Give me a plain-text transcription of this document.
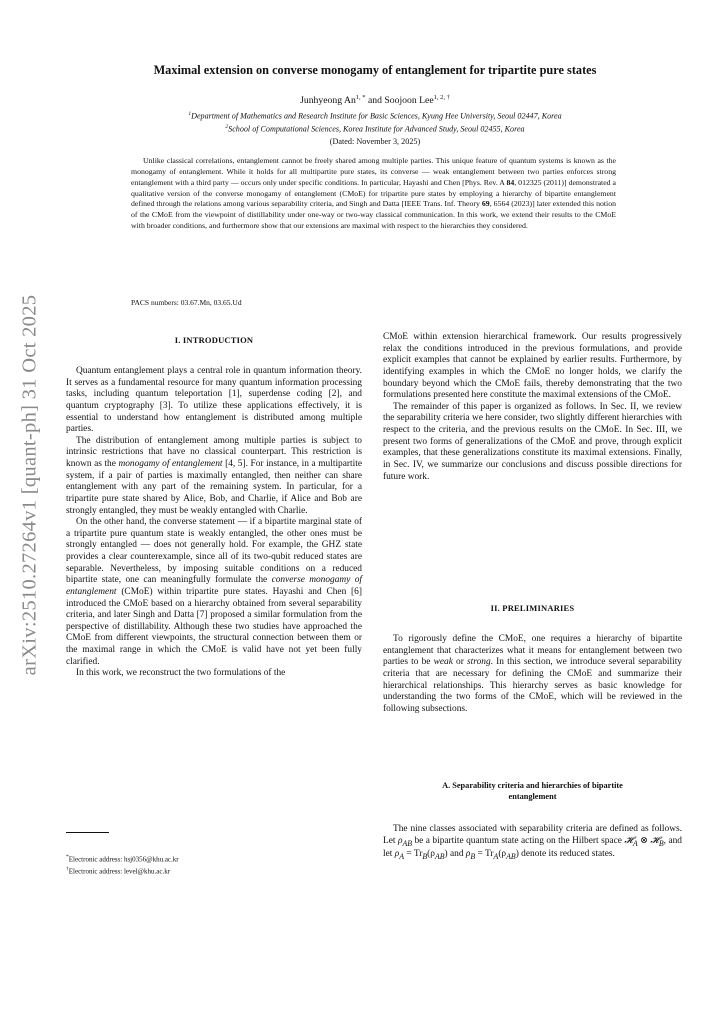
arXiv:2510.27264v1 [quant-ph] 31 Oct 2025
Maximal extension on converse monogamy of entanglement for tripartite pure states
Junhyeong $An^{1, *}$ and Soojoon Lee$^{1, 2, \dagger}$
$^1$Department of Mathematics and Research Institute for Basic Sciences, Kyung Hee University, Seoul 02447, Korea
$^2$School of Computational Sciences, Korea Institute for Advanced Study, Seoul 02455, Korea
(Dated: November 3, 2025)

Unlike classical correlations, entanglement cannot be freely shared among multiple parties. This unique feature of quantum systems is known as the monogamy of entanglement. While it holds for all multipartite pure states, its converse — weak entanglement between two parties enforces strong entanglement with a third party — occurs only under specific conditions. In particular, Hayashi and Chen [Phys. Rev. A 84, 012325 (2011)] demonstrated a qualitative version of the converse monogamy of entanglement (CMoE) for tripartite pure states by employing a hierarchy of bipartite entanglement defined through the relations among various separability criteria, and Singh and Datta [IEEE Trans. Inf. Theory 69, 6564 (2023)] later extended this notion of the CMoE from the viewpoint of distillability under one-way or two-way classical communication. In this work, we extend their results to the CMoE with broader conditions, and furthermore show that our extensions are maximal with respect to the hierarchies they considered.

PACS numbers: 03.67.Mn, 03.65.Ud
I. INTRODUCTION

Quantum entanglement plays a central role in quantum information theory. It serves as a fundamental resource for many quantum information processing tasks, including quantum teleportation [1], superdense coding [2], and quantum cryptography [3]. To utilize these applications effectively, it is essential to understand how entanglement is distributed among multiple parties.

The distribution of entanglement among multiple parties is subject to intrinsic restrictions that have no classical counterpart. This restriction is known as the monogamy of entanglement [4, 5]. For instance, in a multipartite system, if a pair of parties is maximally entangled, then neither can share entanglement with any part of the remaining system. In particular, for a tripartite pure state shared by Alice, Bob, and Charlie, if Alice and Bob are strongly entangled, they must be weakly entangled with Charlie.

On the other hand, the converse statement — if a bipartite marginal state of a tripartite pure quantum state is weakly entangled, the other ones must be strongly entangled — does not generally hold. For example, the GHZ state provides a clear counterexample, since all of its two-qubit reduced states are separable. Nevertheless, by imposing suitable conditions on a reduced bipartite state, one can meaningfully formulate the converse monogamy of entanglement (CMoE) within tripartite pure states. Hayashi and Chen [6] introduced the CMoE based on a hierarchy obtained from several separability criteria, and later Singh and Datta [7] proposed a similar formulation from the perspective of distillability. Although these two studies have approached the CMoE from different viewpoints, the structural connection between them or the maximal range in which the CMoE is valid have not yet been fully clarified.

In this work, we reconstruct the two formulations of the

*Electronic address: hsj0356@khu.ac.kr
†Electronic address: level@khu.ac.kr

CMoE within extension hierarchical framework. Our results progressively relax the conditions introduced in the previous formulations, and provide explicit examples that cannot be explained by earlier results. Furthermore, by identifying examples in which the CMoE no longer holds, we clarify the boundary beyond which the CMoE fails, thereby demonstrating that the two formulations presented here constitute the maximal extensions of the CMoE.

The remainder of this paper is organized as follows. In Sec. II, we review the separability criteria we here consider, two slightly different hierarchies with respect to the criteria, and the previous results on the CMoE. In Sec. III, we present two forms of generalizations of the CMoE and prove, through explicit examples, that these generalizations constitute its maximal extensions. Finally, in Sec. IV, we summarize our conclusions and discuss possible directions for future work.

II. PRELIMINARIES

To rigorously define the CMoE, one requires a hierarchy of bipartite entanglement that characterizes what it means for entanglement between two parties to be weak or strong. In this section, we introduce several separability criteria that are necessary for defining the CMoE and summarize their hierarchical relationships. This hierarchy serves as basic knowledge for understanding the two forms of the CMoE, which will be reviewed in the following subsections.

A. Separability criteria and hierarchies of bipartite
entanglement

The nine classes associated with separability criteria are defined as follows. Let $\rho_{AB}$ be a bipartite quantum state acting on the Hilbert space 𝓗$_A$ ⊗ 𝓗$_B$, and let $\rho_A = Tr_B(\rho_{AB})$ and $\rho_B = Tr_A(\rho_{AB})$ denote its reduced states.
